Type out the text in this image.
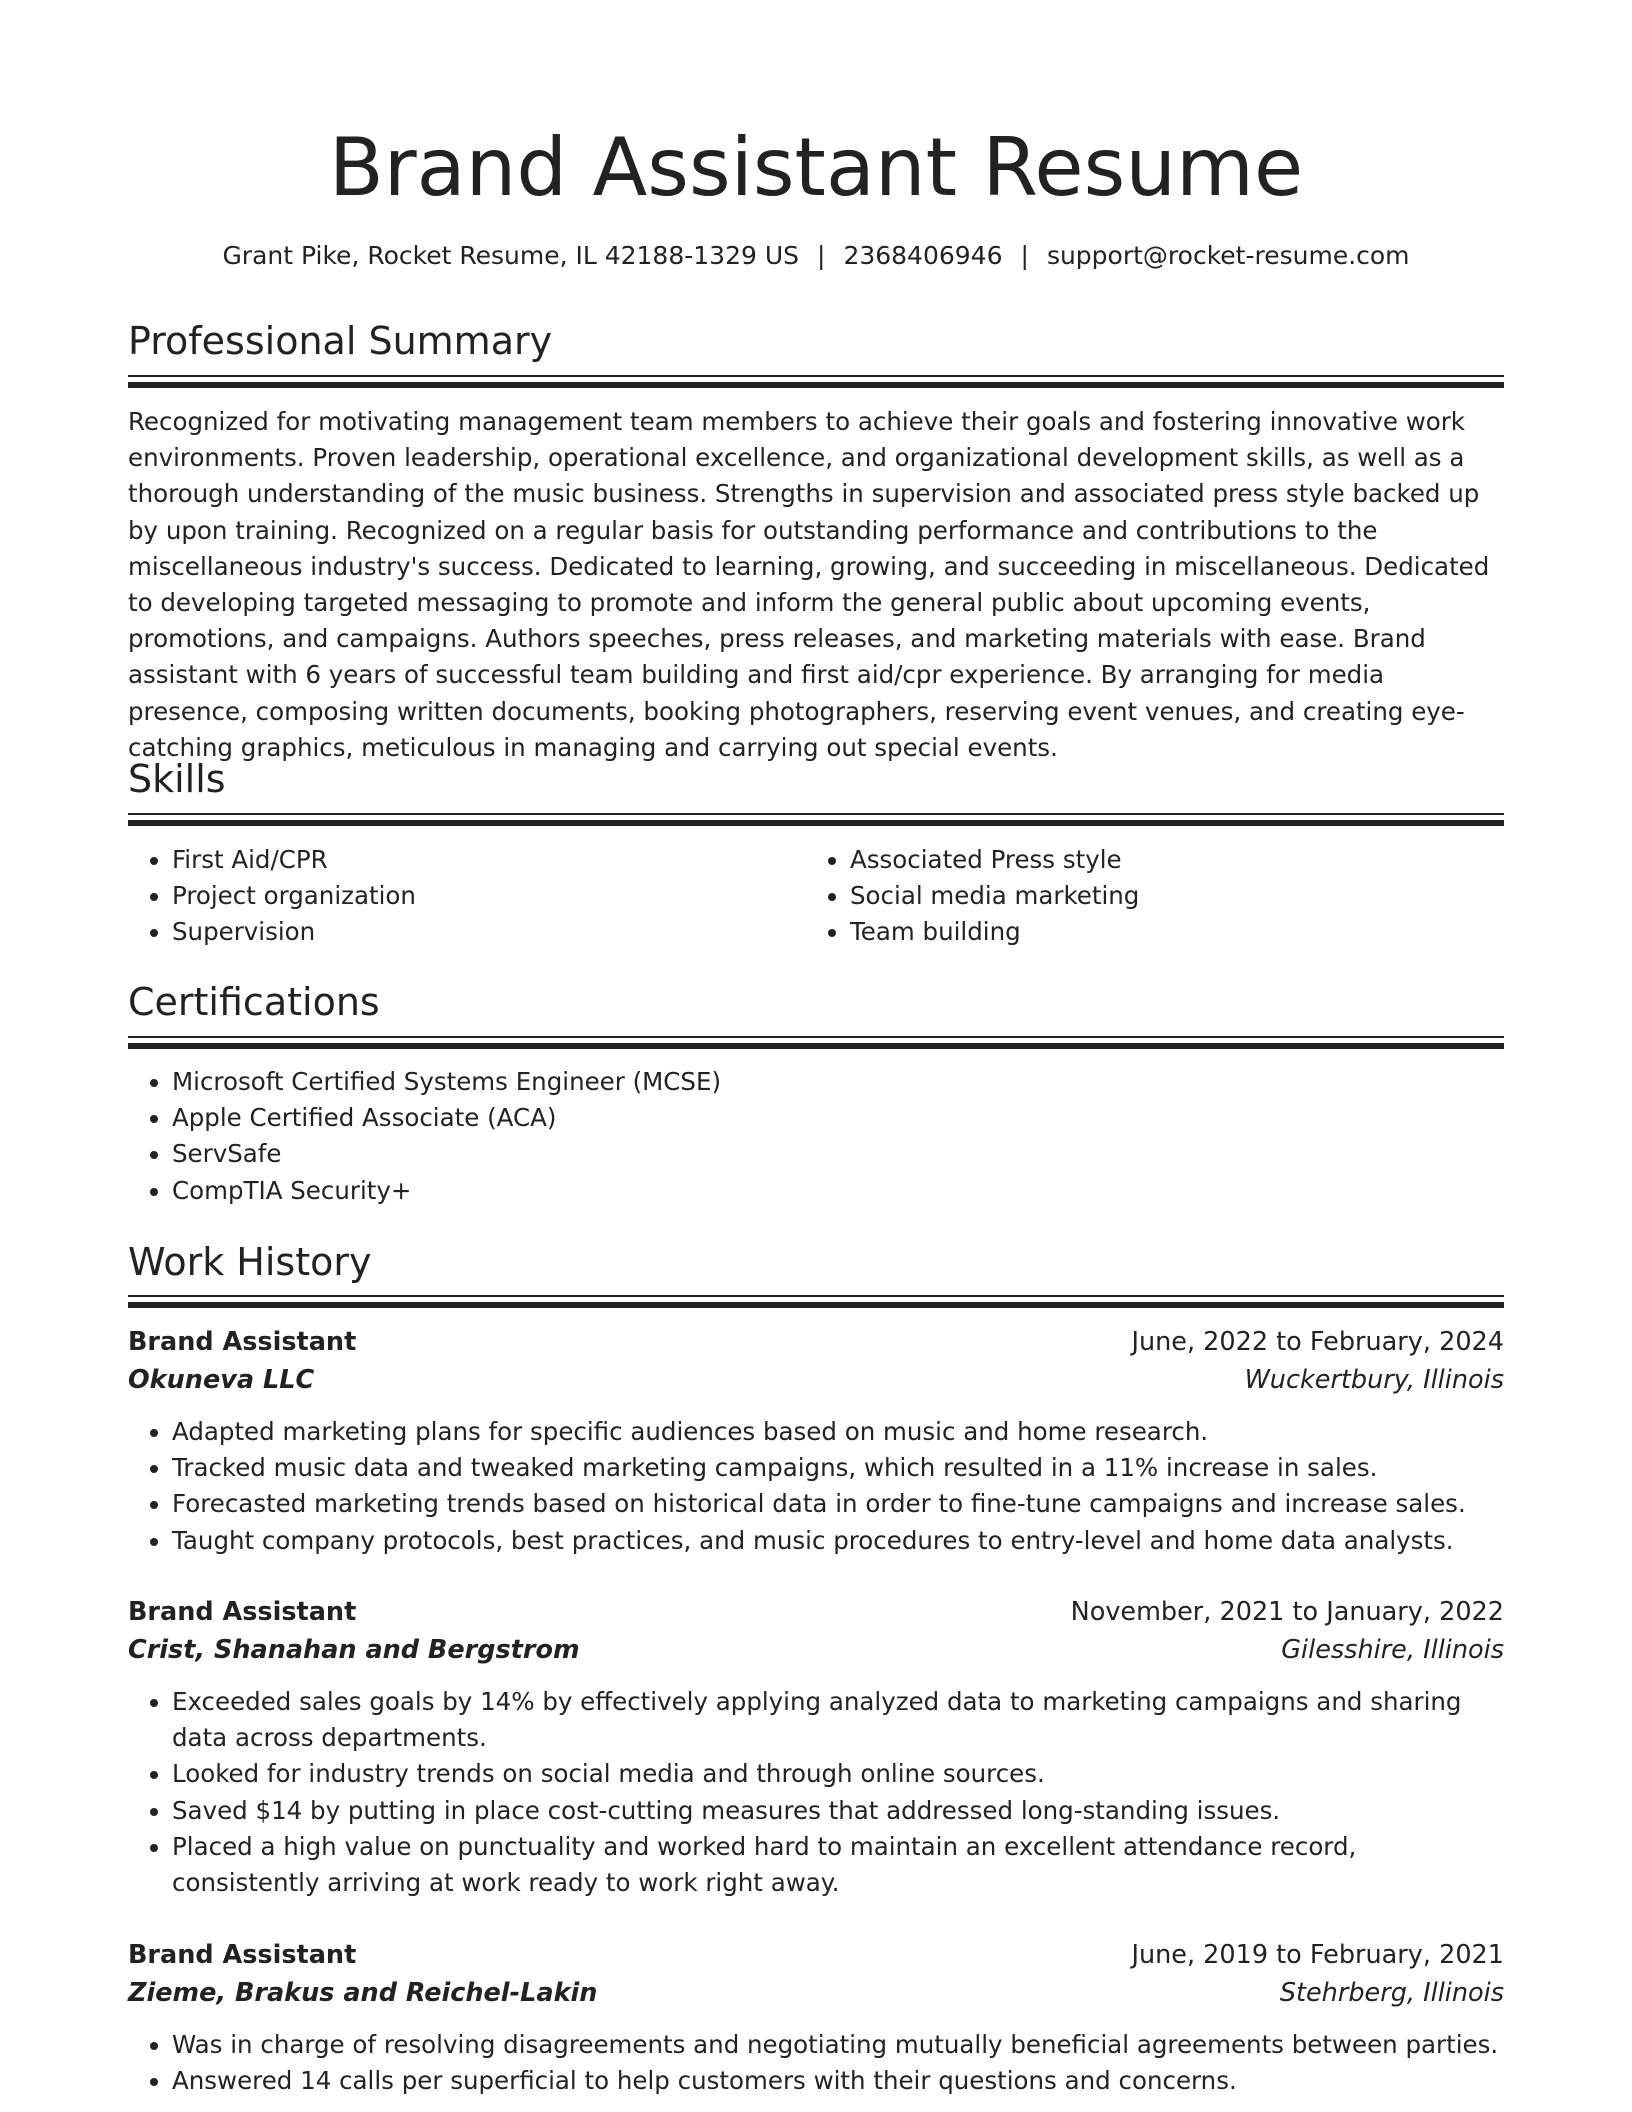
Brand Assistant Resume
Grant Pike, Rocket Resume, IL 42188-1329 US | 2368406946 | support@rocket-resume.com
Professional Summary

Recognized for motivating management team members to achieve their goals and fostering innovative work environments. Proven leadership, operational excellence, and organizational development skills, as well as a thorough understanding of the music business. Strengths in supervision and associated press style backed up by upon training. Recognized on a regular basis for outstanding performance and contributions to the miscellaneous industry's success. Dedicated to learning, growing, and succeeding in miscellaneous. Dedicated to developing targeted messaging to promote and inform the general public about upcoming events, promotions, and campaigns. Authors speeches, press releases, and marketing materials with ease. Brand assistant with 6 years of successful team building and first aid/cpr experience. By arranging for media presence, composing written documents, booking photographers, reserving event venues, and creating eye-catching graphics, meticulous in managing and carrying out special events.

Skills
• First Aid/CPR
• Project organization
• Supervision
• Associated Press style
• Social media marketing
• Team building
Certifications
• Microsoft Certified Systems Engineer (MCSE)
• Apple Certified Associate (ACA)
• ServSafe
• CompTIA Security+
Work History
Brand Assistant	June, 2022 to February, 2024
Okuneva LLC	Wuckertbury, Illinois
• Adapted marketing plans for specific audiences based on music and home research.
• Tracked music data and tweaked marketing campaigns, which resulted in a 11% increase in sales.
• Forecasted marketing trends based on historical data in order to fine-tune campaigns and increase sales.
• Taught company protocols, best practices, and music procedures to entry-level and home data analysts.
Brand Assistant	November, 2021 to January, 2022
Crist, Shanahan and Bergstrom	Gilesshire, Illinois
• Exceeded sales goals by 14% by effectively applying analyzed data to marketing campaigns and sharing data across departments.
• Looked for industry trends on social media and through online sources.
• Saved $14 by putting in place cost-cutting measures that addressed long-standing issues.
• Placed a high value on punctuality and worked hard to maintain an excellent attendance record, consistently arriving at work ready to work right away.
Brand Assistant	June, 2019 to February, 2021
Zieme, Brakus and Reichel-Lakin	Stehrberg, Illinois
• Was in charge of resolving disagreements and negotiating mutually beneficial agreements between parties.
• Answered 14 calls per superficial to help customers with their questions and concerns.
